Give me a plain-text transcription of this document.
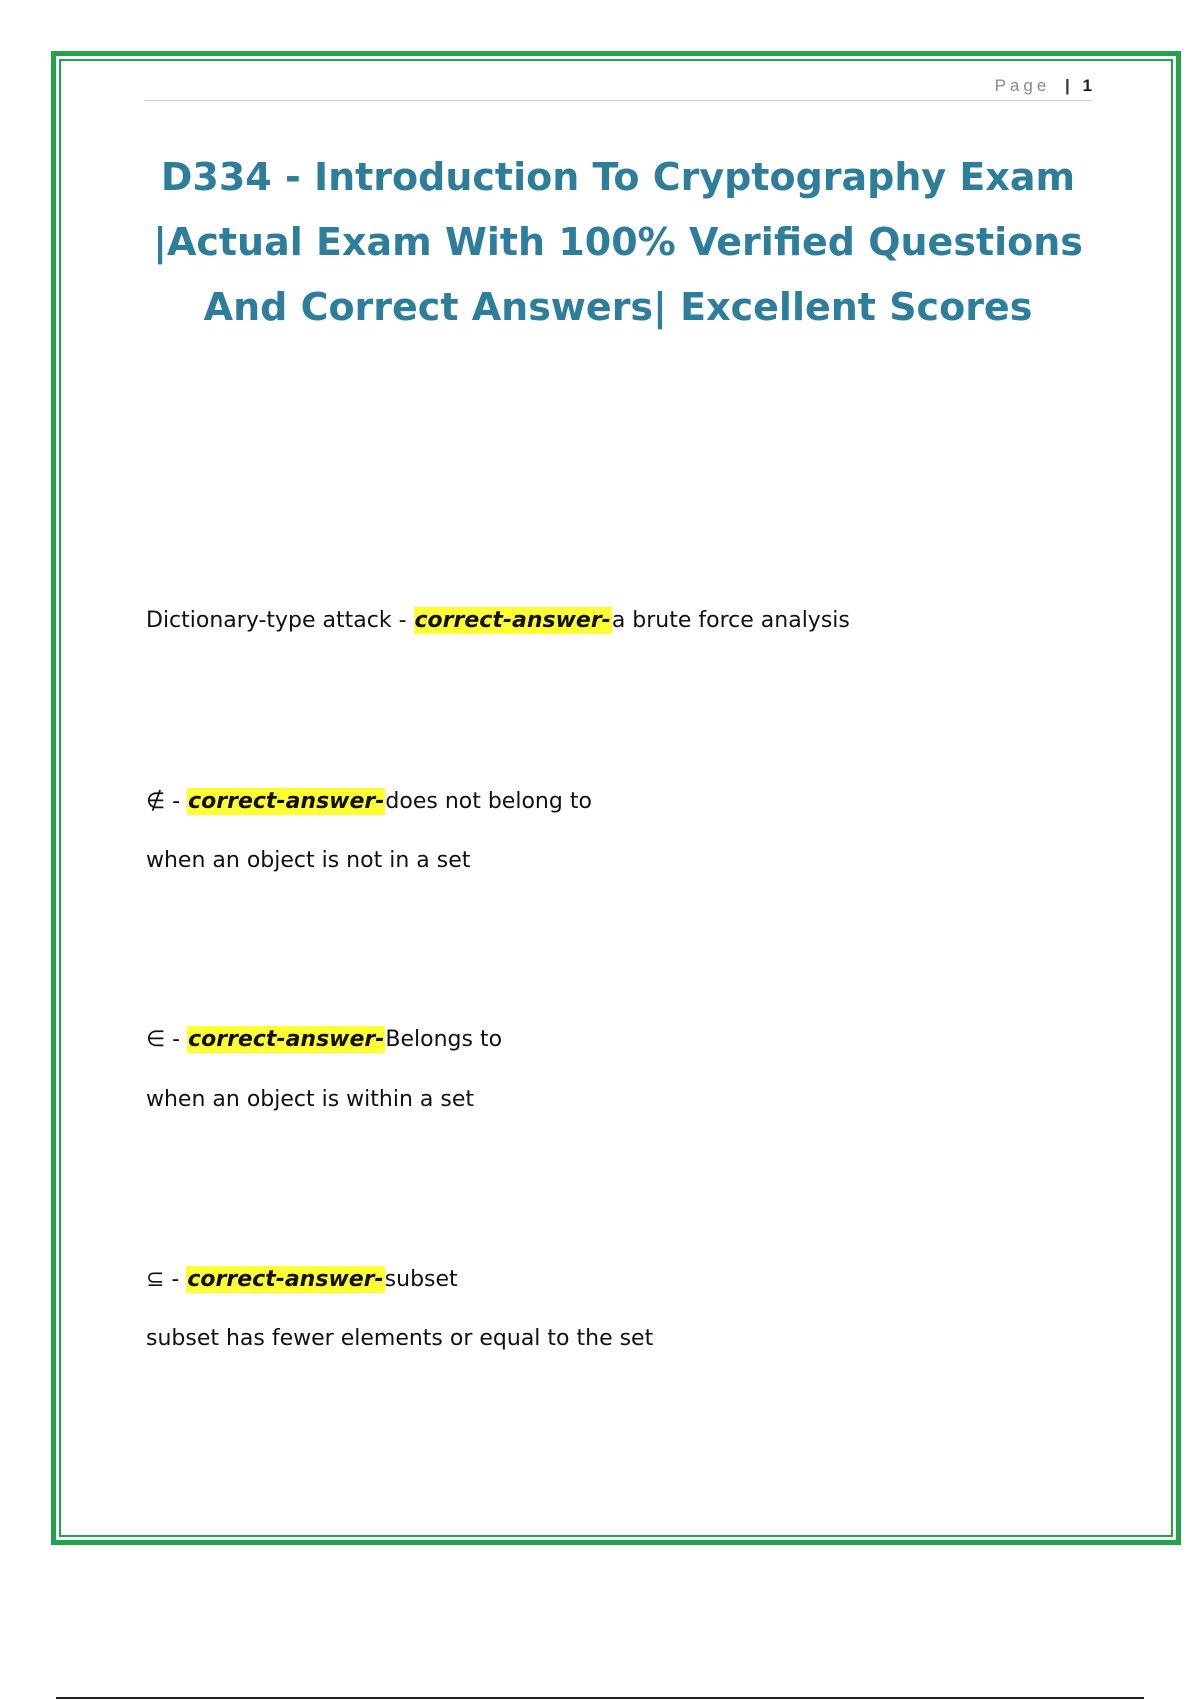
Page | 1
D334 - Introduction To Cryptography Exam |Actual Exam With 100% Verified Questions And Correct Answers| Excellent Scores
Dictionary-type attack - correct-answer-a brute force analysis
∉ - correct-answer-does not belong to
when an object is not in a set
∈ - correct-answer-Belongs to
when an object is within a set
⊆ - correct-answer-subset
subset has fewer elements or equal to the set
